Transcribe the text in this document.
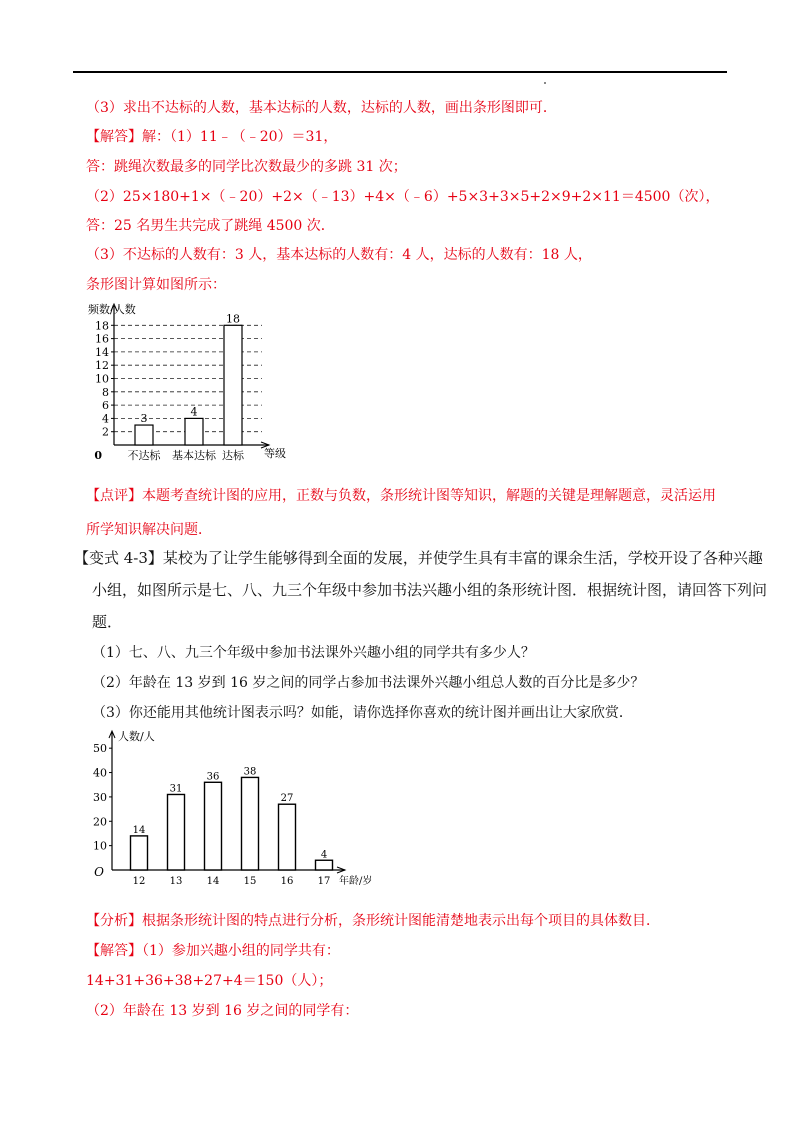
（3）求出不达标的人数，基本达标的人数，达标的人数，画出条形图即可．
【解答】解：（1）11﹣（﹣20）＝31，
答：跳绳次数最多的同学比次数最少的多跳 31 次；
（2）25×180+1×（﹣20）+2×（﹣13）+4×（﹣6）+5×3+3×5+2×9+2×11＝4500（次），
答：25 名男生共完成了跳绳 4500 次．
（3）不达标的人数有：3 人，基本达标的人数有：4 人，达标的人数有：18 人，
条形图计算如图所示：
2
4
6
8
10
12
14
16
18
频数/人数
等级
0
3
不达标
4
基本达标
18
达标
【点评】本题考查统计图的应用，正数与负数，条形统计图等知识，解题的关键是理解题意，灵活运用
所学知识解决问题．
【变式 4-3】某校为了让学生能够得到全面的发展，并使学生具有丰富的课余生活，学校开设了各种兴趣
小组，如图所示是七、八、九三个年级中参加书法兴趣小组的条形统计图．根据统计图，请回答下列问
题．
（1）七、八、九三个年级中参加书法课外兴趣小组的同学共有多少人？
（2）年龄在 13 岁到 16 岁之间的同学占参加书法课外兴趣小组总人数的百分比是多少？
（3）你还能用其他统计图表示吗？如能，请你选择你喜欢的统计图并画出让大家欣赏．
10
20
30
40
50
人数/人
年龄/岁
O
14
12
31
13
36
14
38
15
27
16
4
17
【分析】根据条形统计图的特点进行分析，条形统计图能清楚地表示出每个项目的具体数目．
【解答】（1）参加兴趣小组的同学共有：
14+31+36+38+27+4＝150（人）；
（2）年龄在 13 岁到 16 岁之间的同学有：
